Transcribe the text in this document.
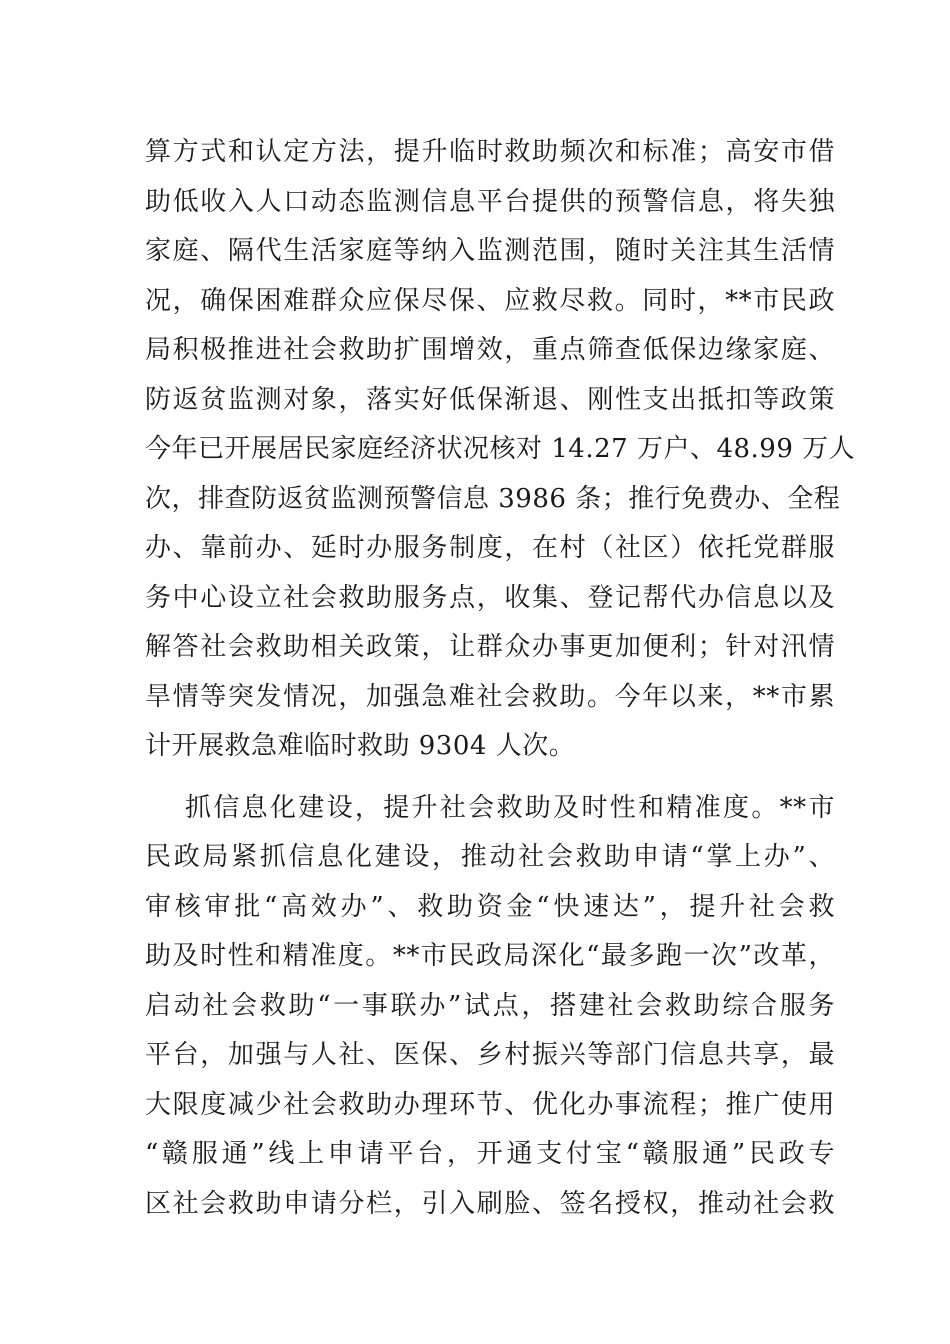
算方式和认定方法，提升临时救助频次和标准；高安市借
助低收入人口动态监测信息平台提供的预警信息，将失独
家庭、隔代生活家庭等纳入监测范围，随时关注其生活情
况，确保困难群众应保尽保、应救尽救。同时，**市民政
局积极推进社会救助扩围增效，重点筛查低保边缘家庭、
防返贫监测对象，落实好低保渐退、刚性支出抵扣等政策
今年已开展居民家庭经济状况核对 14.27 万户、48.99 万人
次，排查防返贫监测预警信息 3986 条；推行免费办、全程
办、靠前办、延时办服务制度，在村（社区）依托党群服
务中心设立社会救助服务点，收集、登记帮代办信息以及
解答社会救助相关政策，让群众办事更加便利；针对汛情
旱情等突发情况，加强急难社会救助。今年以来，**市累
计开展救急难临时救助 9304 人次。
抓信息化建设，提升社会救助及时性和精准度。**市
民政局紧抓信息化建设，推动社会救助申请“掌上办”、
审核审批“高效办”、救助资金“快速达”，提升社会救
助及时性和精准度。**市民政局深化“最多跑一次”改革，
启动社会救助“一事联办”试点，搭建社会救助综合服务
平台，加强与人社、医保、乡村振兴等部门信息共享，最
大限度减少社会救助办理环节、优化办事流程；推广使用
“赣服通”线上申请平台，开通支付宝“赣服通”民政专
区社会救助申请分栏，引入刷脸、签名授权，推动社会救
